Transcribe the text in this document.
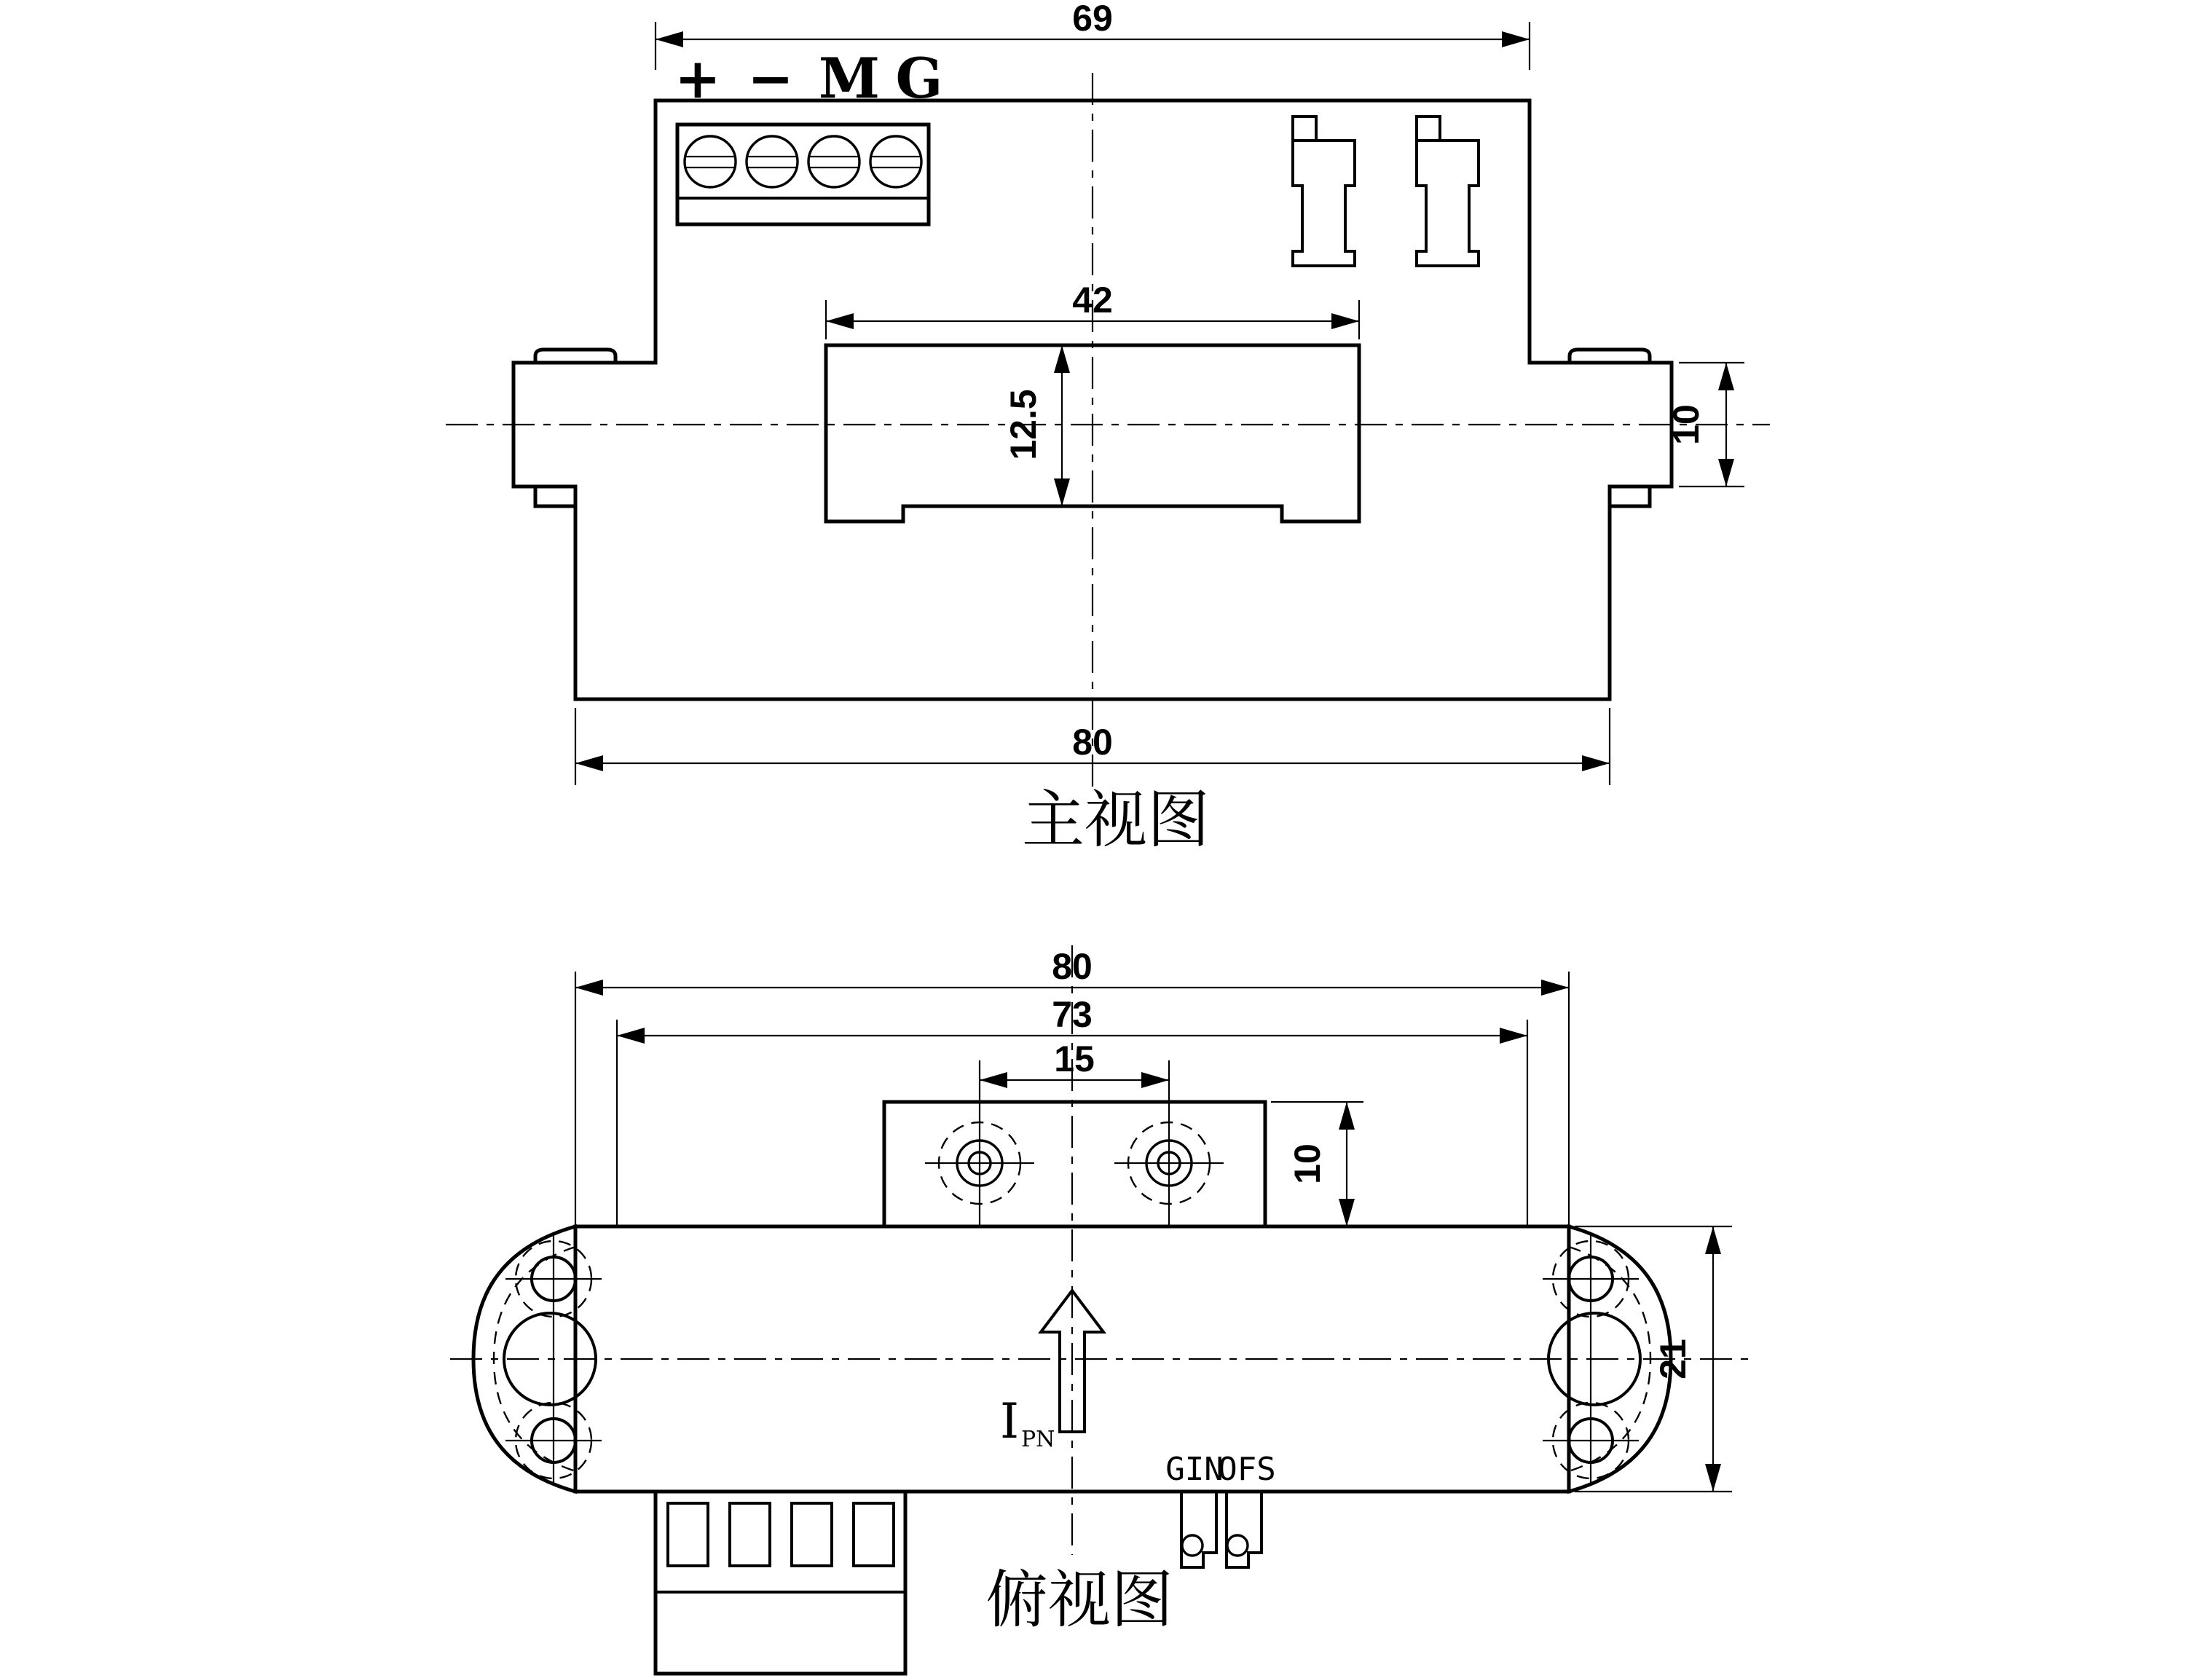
+ − M G
69
42
12.5	10
80
主视图
80
73
15
10
21
I PN
GIN
OFS
俯视图
